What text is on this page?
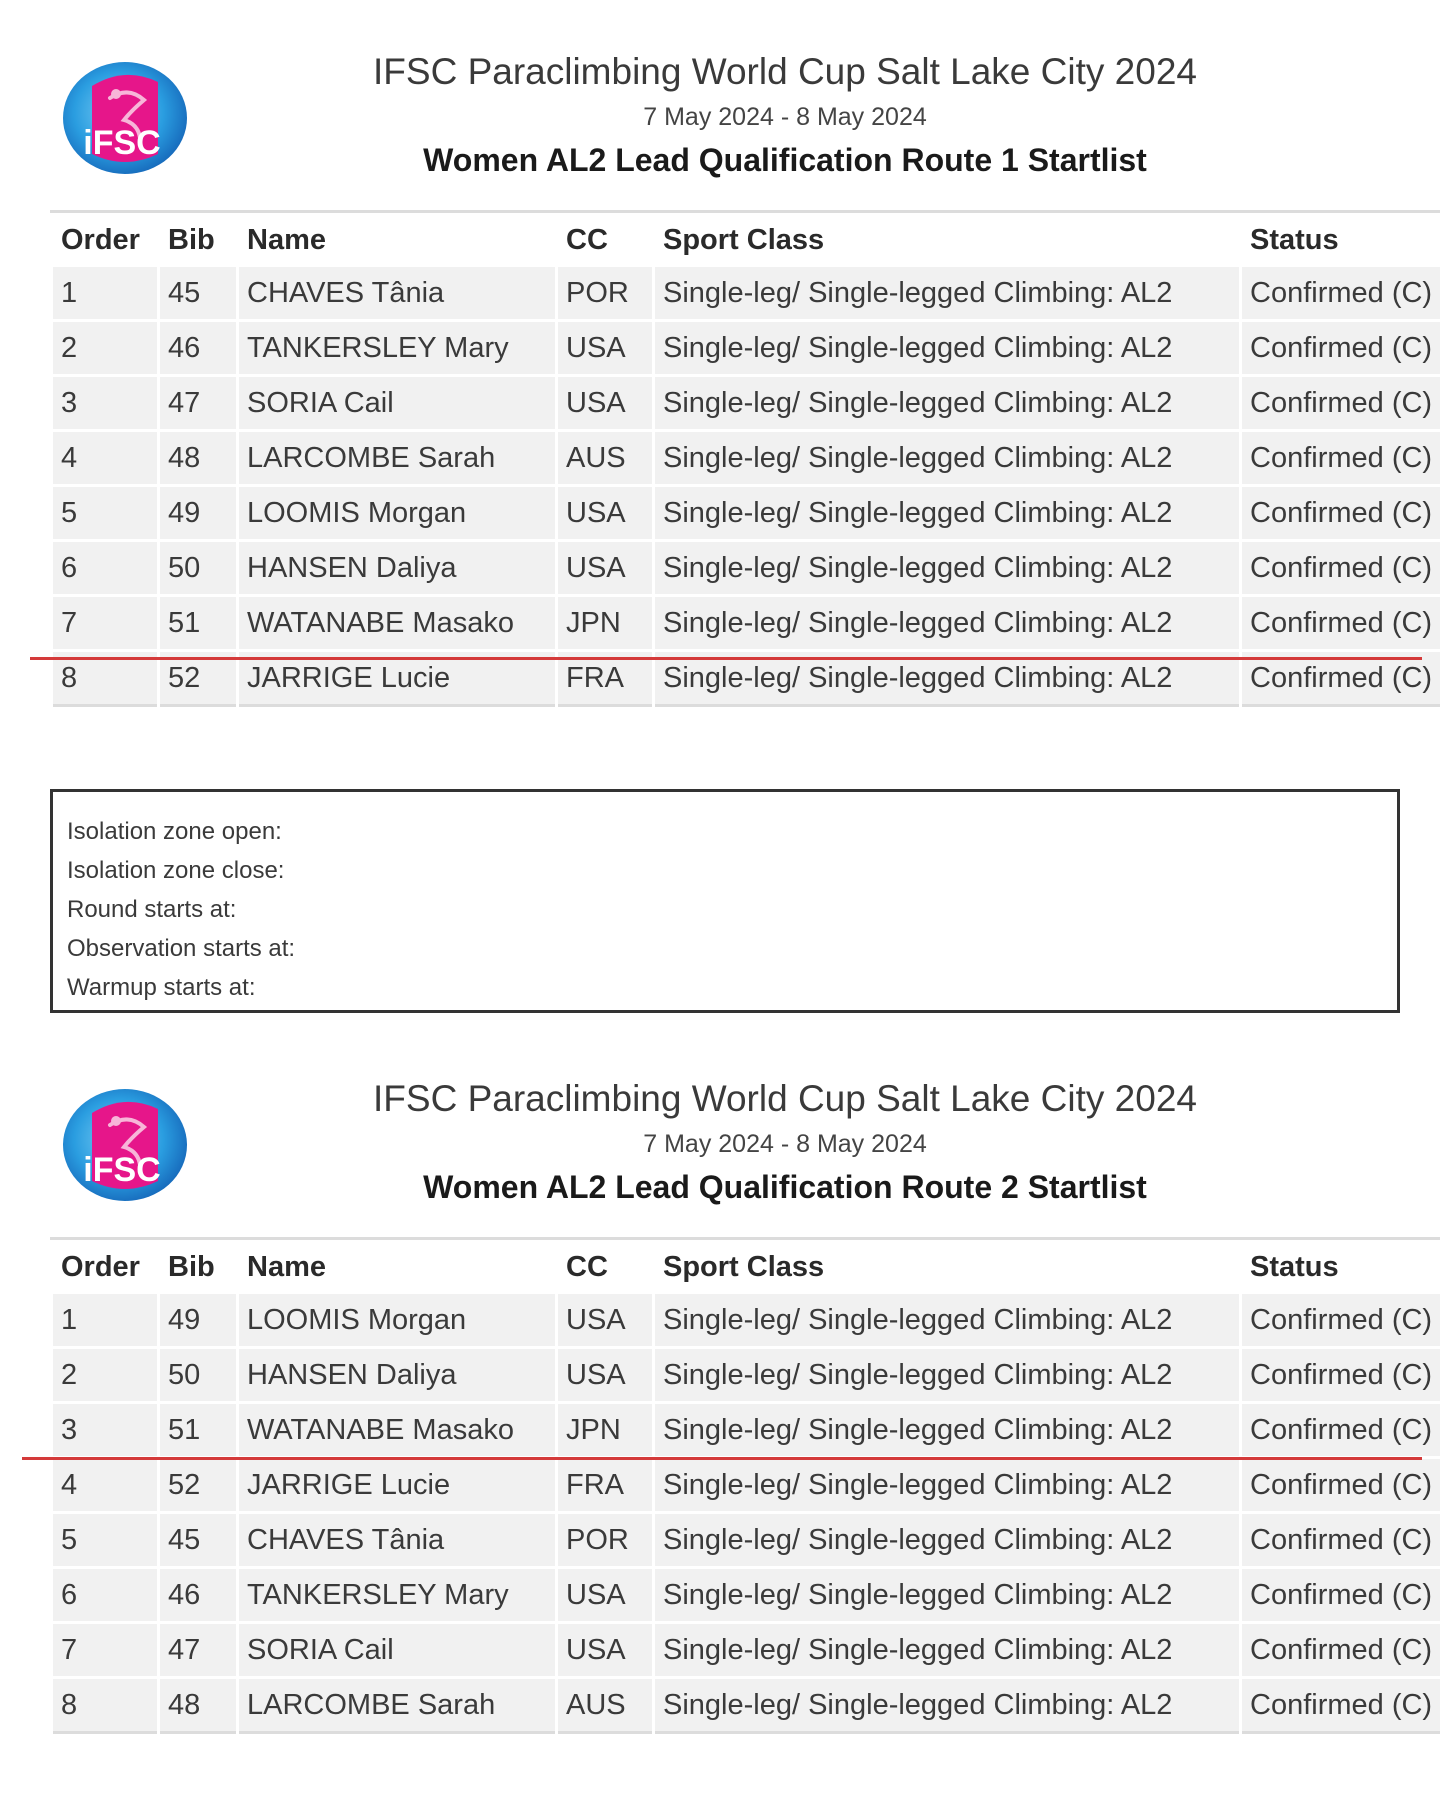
iFSC

IFSC Paraclimbing World Cup Salt Lake City 2024

7 May 2024 - 8 May 2024

Women AL2 Lead Qualification Route 1 Startlist

Order	Bib	Name	CC	Sport Class	Status
1	45	CHAVES Tânia	POR	Single-leg/ Single-legged Climbing: AL2	Confirmed (C)
2	46	TANKERSLEY Mary	USA	Single-leg/ Single-legged Climbing: AL2	Confirmed (C)
3	47	SORIA Cail	USA	Single-leg/ Single-legged Climbing: AL2	Confirmed (C)
4	48	LARCOMBE Sarah	AUS	Single-leg/ Single-legged Climbing: AL2	Confirmed (C)
5	49	LOOMIS Morgan	USA	Single-leg/ Single-legged Climbing: AL2	Confirmed (C)
6	50	HANSEN Daliya	USA	Single-leg/ Single-legged Climbing: AL2	Confirmed (C)
7	51	WATANABE Masako	JPN	Single-leg/ Single-legged Climbing: AL2	Confirmed (C)
8	52	JARRIGE Lucie	FRA	Single-leg/ Single-legged Climbing: AL2	Confirmed (C)
Isolation zone open:
Isolation zone close:
Round starts at:
Observation starts at:
Warmup starts at:
iFSC

IFSC Paraclimbing World Cup Salt Lake City 2024

7 May 2024 - 8 May 2024

Women AL2 Lead Qualification Route 2 Startlist

Order	Bib	Name	CC	Sport Class	Status
1	49	LOOMIS Morgan	USA	Single-leg/ Single-legged Climbing: AL2	Confirmed (C)
2	50	HANSEN Daliya	USA	Single-leg/ Single-legged Climbing: AL2	Confirmed (C)
3	51	WATANABE Masako	JPN	Single-leg/ Single-legged Climbing: AL2	Confirmed (C)
4	52	JARRIGE Lucie	FRA	Single-leg/ Single-legged Climbing: AL2	Confirmed (C)
5	45	CHAVES Tânia	POR	Single-leg/ Single-legged Climbing: AL2	Confirmed (C)
6	46	TANKERSLEY Mary	USA	Single-leg/ Single-legged Climbing: AL2	Confirmed (C)
7	47	SORIA Cail	USA	Single-leg/ Single-legged Climbing: AL2	Confirmed (C)
8	48	LARCOMBE Sarah	AUS	Single-leg/ Single-legged Climbing: AL2	Confirmed (C)
